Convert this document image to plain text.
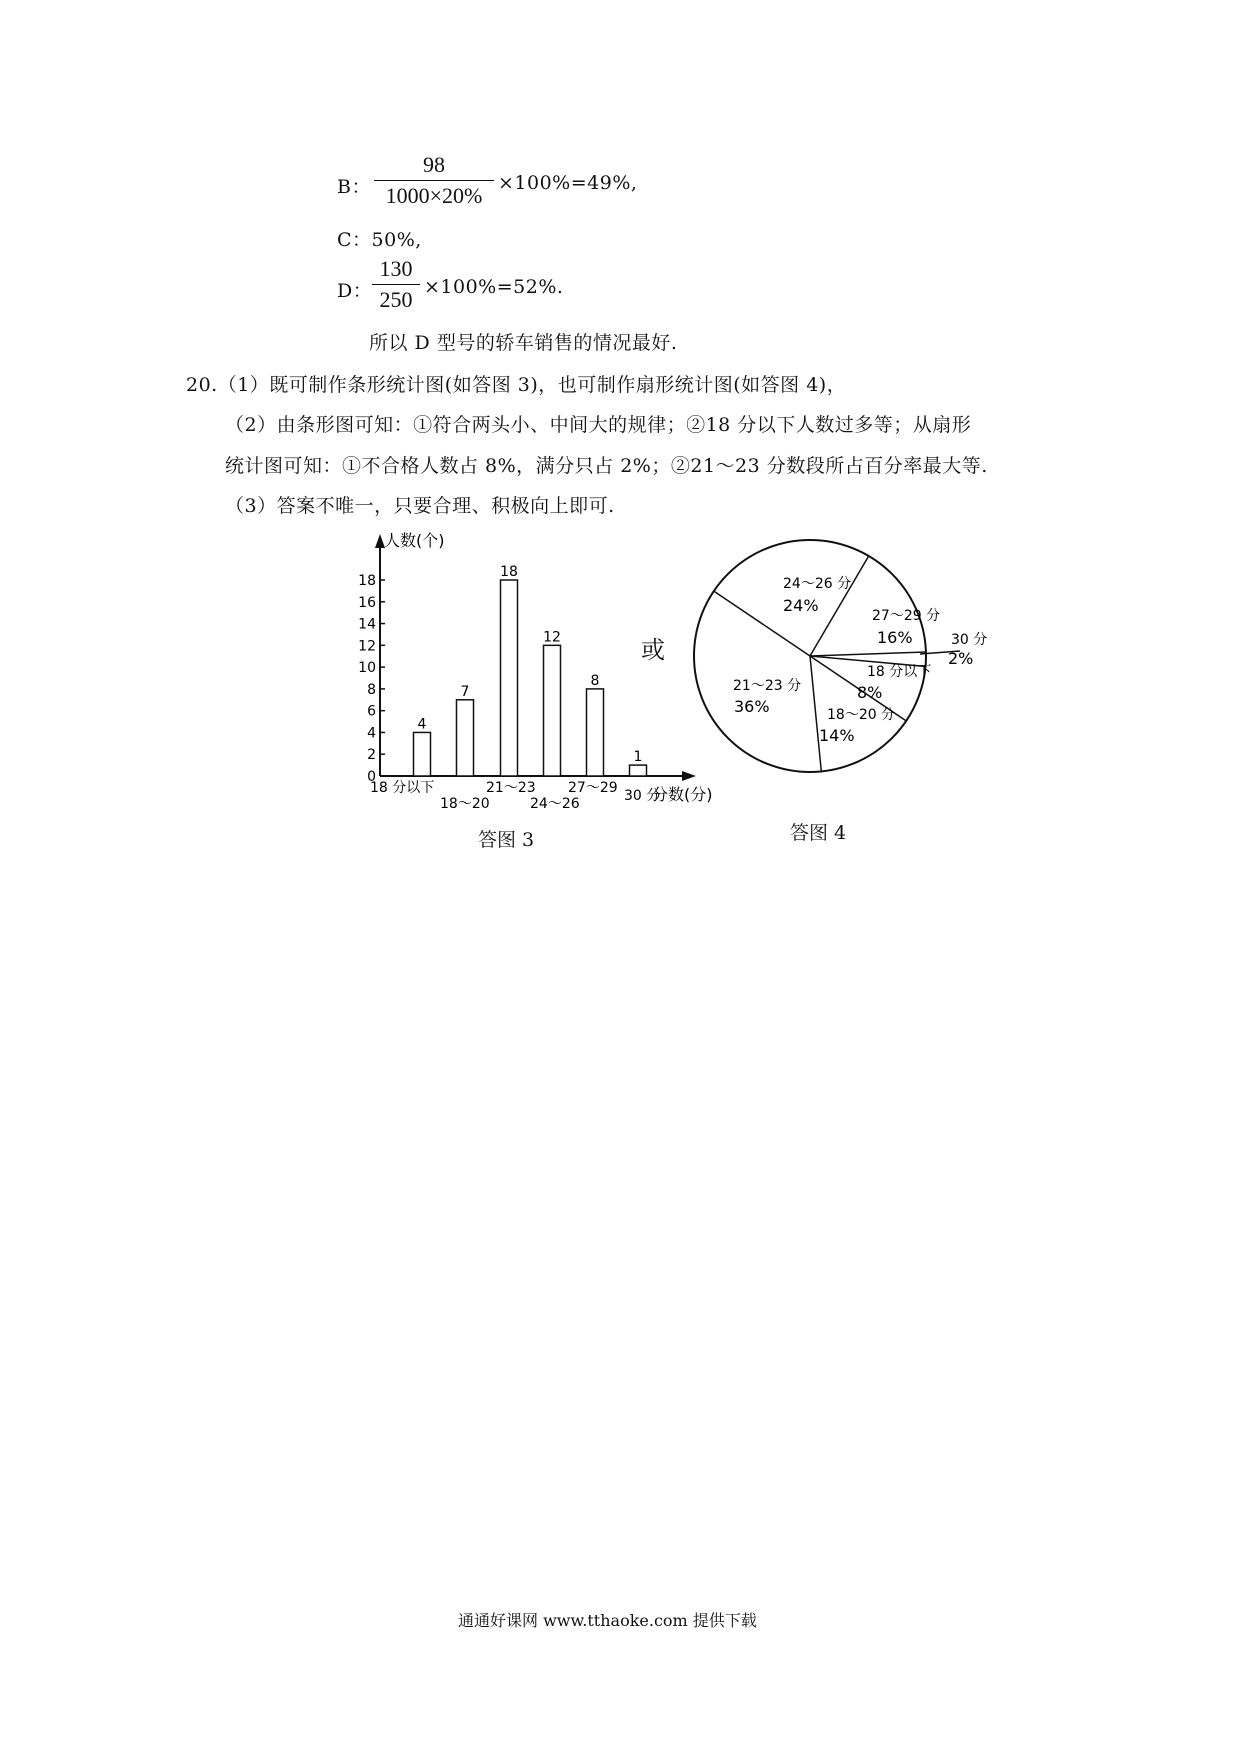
B：
98
1000×20% ×100%=49%,
C：50%,
D：
130
250 ×100%=52%.
所以 D 型号的轿车销售的情况最好.
20.（1）既可制作条形统计图(如答图 3)，也可制作扇形统计图(如答图 4)，
（2）由条形图可知：①符合两头小、中间大的规律；②18 分以下人数过多等；从扇形
统计图可知：①不合格人数占 8%，满分只占 2%；②21～23 分数段所占百分率最大等.
（3）答案不唯一，只要合理、积极向上即可.
0
2
4
6
8
10
12
14
16
18
4
7
18
12
8
1
18 分以下
18～20
21～23
24～26
27～29 30 分
人数(个)
分数(分)
或
24～26 分
24%
27～29 分
16%	30 分
2%
18 分以下
8%
18～20 分
14%
21～23 分
36%
答图 3	答图 4
通通好课网 www.tthaoke.com 提供下载
